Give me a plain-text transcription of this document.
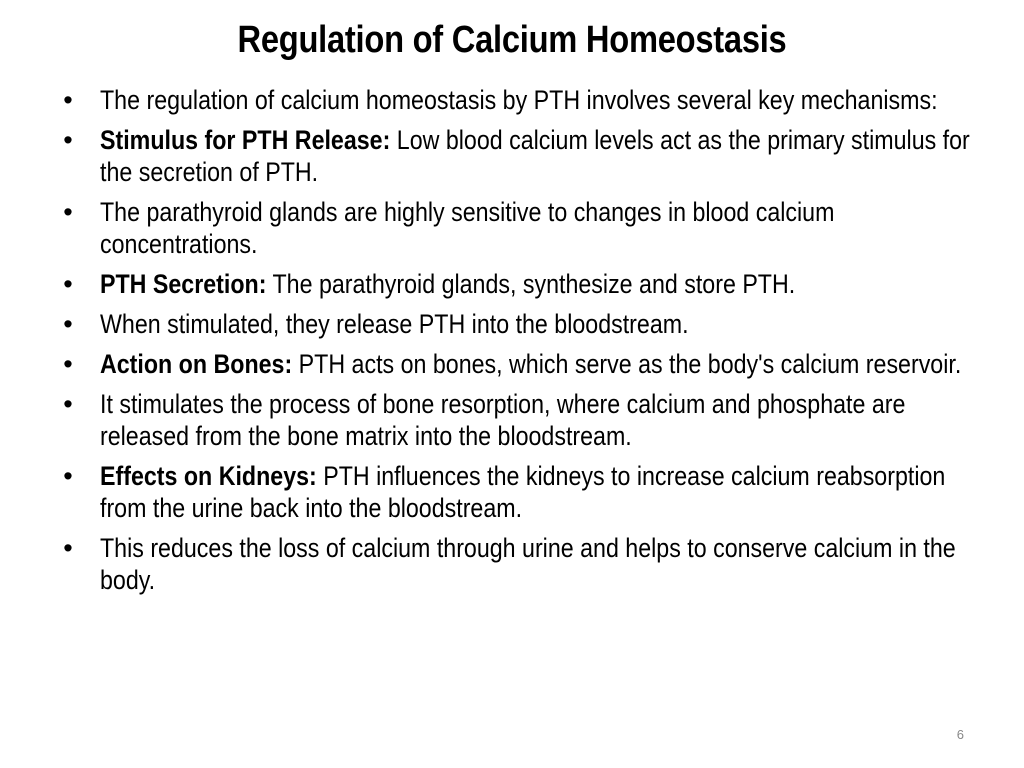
Regulation of Calcium Homeostasis
• The regulation of calcium homeostasis by PTH involves several key mechanisms:
• Stimulus for PTH Release: Low blood calcium levels act as the primary stimulus for the secretion of PTH.
• The parathyroid glands are highly sensitive to changes in blood calcium concentrations.
• PTH Secretion: The parathyroid glands, synthesize and store PTH.
• When stimulated, they release PTH into the bloodstream.
• Action on Bones: PTH acts on bones, which serve as the body's calcium reservoir.
• It stimulates the process of bone resorption, where calcium and phosphate are released from the bone matrix into the bloodstream.
• Effects on Kidneys: PTH influences the kidneys to increase calcium reabsorption from the urine back into the bloodstream.
• This reduces the loss of calcium through urine and helps to conserve calcium in the body.
6
